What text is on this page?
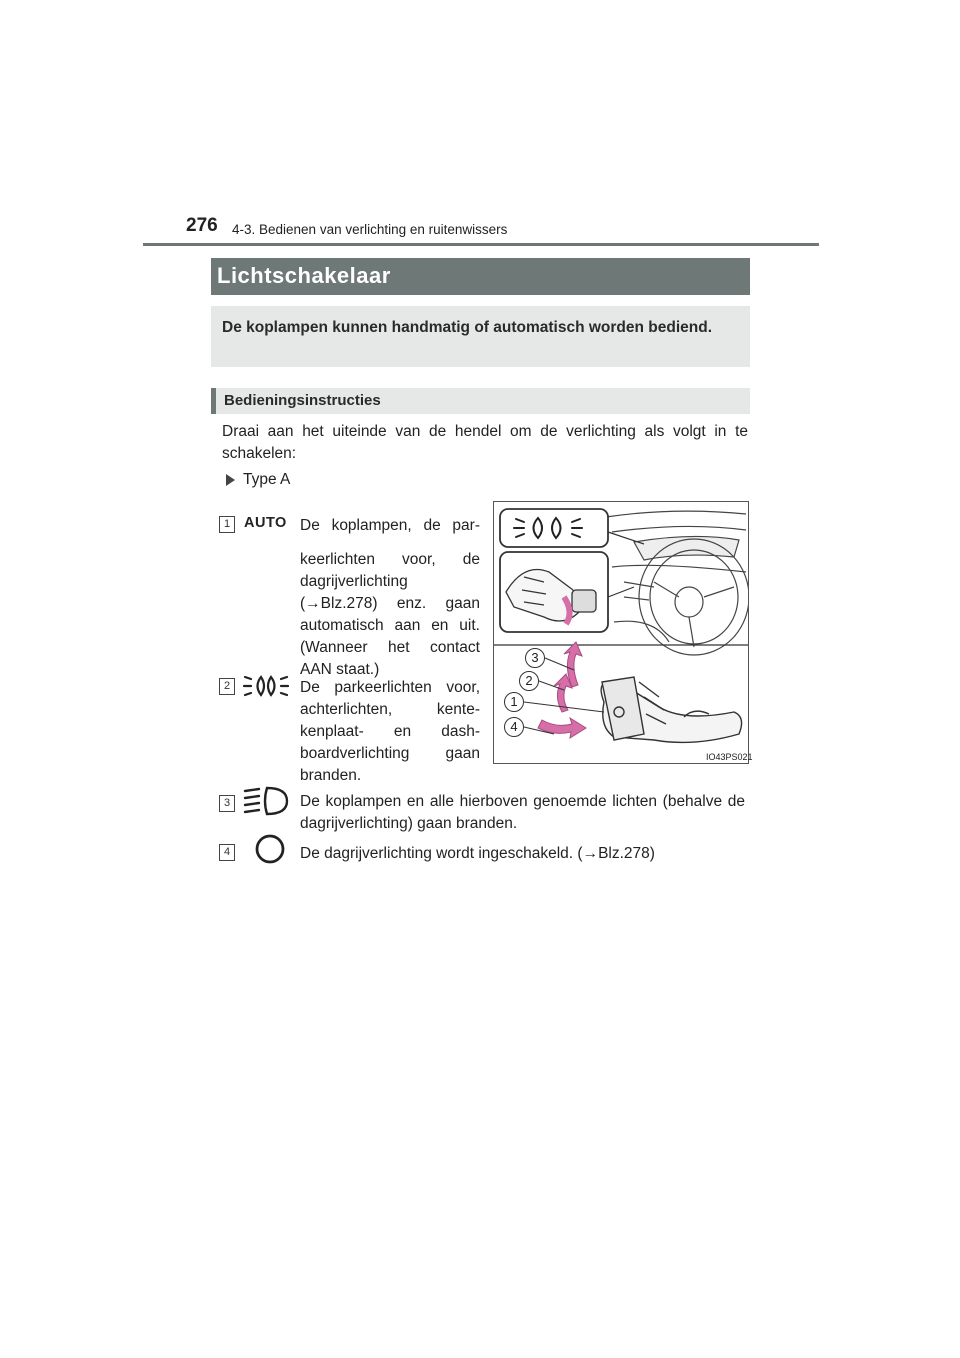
276 4-3. Bedienen van verlichting en ruitenwissers
Lichtschakelaar

De koplampen kunnen handmatig of automatisch worden bediend.

Bedieningsinstructies
Draai aan het uiteinde van de hendel om de verlichting als volgt in te schakelen:
Type A
1 AUTO De koplampen, de par-
keerlichten voor, de dagrijverlichting (→Blz.278) enz. gaan automatisch aan en uit. (Wanneer het contact AAN staat.)
2	De parkeerlichten voor, achterlichten, kente-kenplaat- en dash-boardverlichting gaan branden.
3	De koplampen en alle hierboven genoemde lichten (behalve de dagrijverlichting) gaan branden.
4	De dagrijverlichting wordt ingeschakeld. (→Blz.278)
3
2
1
4
IO43PS021
